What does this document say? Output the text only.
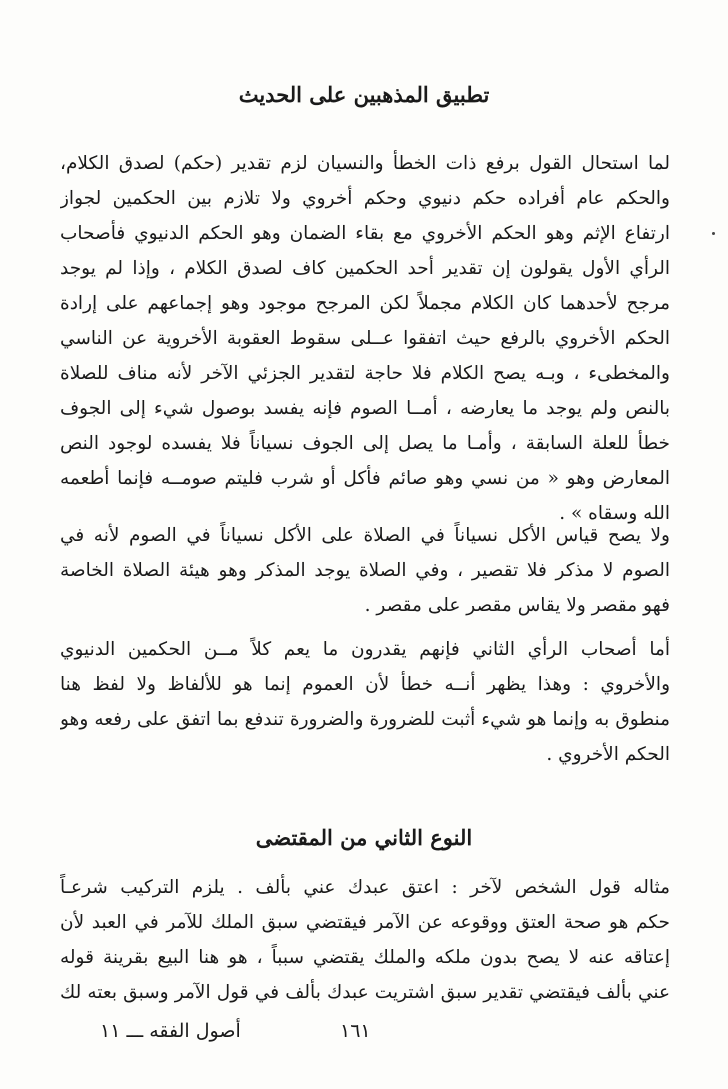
تطبيق المذهبين على الحديث
لما استحال القول برفع ذات الخطأ والنسيان لزم تقدير (حكم) لصدق الكلام،
والحكم عام أفراده حكم دنيوي وحكم أخروي ولا تلازم بين الحكمين لجواز
ارتفاع الإثم وهو الحكم الأخروي مع بقاء الضمان وهو الحكم الدنيوي فأصحاب
الرأي الأول يقولون إن تقدير أحد الحكمين كاف لصدق الكلام ، وإذا لم يوجد
مرجح لأحدهما كان الكلام مجملاً لكن المرجح موجود وهو إجماعهم على إرادة
الحكم الأخروي بالرفع حيث اتفقوا عــلى سقوط العقوبة الأخروية عن الناسي
والمخطىء ، وبـه يصح الكلام فلا حاجة لتقدير الجزئي الآخر لأنه مناف للصلاة
بالنص ولم يوجد ما يعارضه ، أمــا الصوم فإنه يفسد بوصول شيء إلى الجوف
خطأ للعلة السابقة ، وأمـا ما يصل إلى الجوف نسياناً فلا يفسده لوجود النص
المعارض وهو « من نسي وهو صائم فأكل أو شرب فليتم صومــه فإنما أطعمه
الله وسقاه » .
ولا يصح قياس الأكل نسياناً في الصلاة على الأكل نسياناً في الصوم لأنه في
الصوم لا مذكر فلا تقصير ، وفي الصلاة يوجد المذكر وهو هيئة الصلاة الخاصة
فهو مقصر ولا يقاس مقصر على مقصر .
أما أصحاب الرأي الثاني فإنهم يقدرون ما يعم كلاً مــن الحكمين الدنيوي
والأخروي : وهذا يظهر أنــه خطأ لأن العموم إنما هو للألفاظ ولا لفظ هنا
منطوق به وإنما هو شيء أثبت للضرورة والضرورة تندفع بما اتفق على رفعه وهو
الحكم الأخروي .
النوع الثاني من المقتضى
مثاله قول الشخص لآخر : اعتق عبدك عني بألف . يلزم التركيب شرعـاً
حكم هو صحة العتق ووقوعه عن الآمر فيقتضي سبق الملك للآمر في العبد لأن
إعتاقه عنه لا يصح بدون ملكه والملك يقتضي سبباً ، هو هنا البيع بقرينة قوله
عني بألف فيقتضي تقدير سبق اشتريت عبدك بألف في قول الآمر وسبق بعته لك
١٦١
أصول الفقه ـــ ١١
